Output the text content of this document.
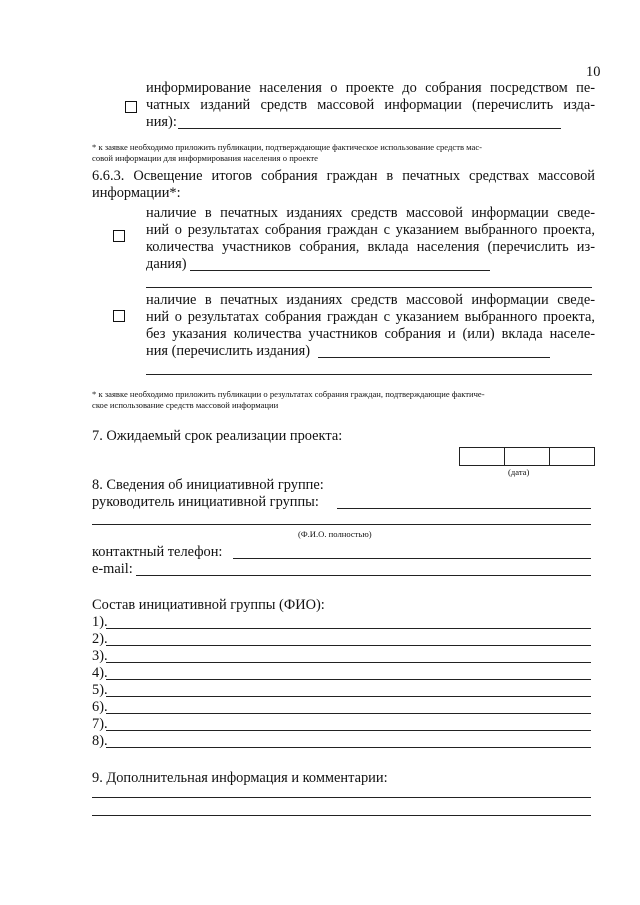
10
информирование населения о проекте до собрания посредством пе-
чатных изданий средств массовой информации (перечислить изда-
ния):
* к заявке необходимо приложить публикации, подтверждающие фактическое использование средств мас-
совой информации для информирования населения о проекте
6.6.3. Освещение итогов собрания граждан в печатных средствах массовой
информации*:
наличие в печатных изданиях средств массовой информации сведе-
ний о результатах собрания граждан с указанием выбранного проекта,
количества участников собрания, вклада населения (перечислить из-
дания)
наличие в печатных изданиях средств массовой информации сведе-
ний о результатах собрания граждан с указанием выбранного проекта,
без указания количества участников собрания и (или) вклада населе-
ния (перечислить издания)
* к заявке необходимо приложить публикации о результатах собрания граждан, подтверждающие фактиче-
ское использование средств массовой информации
7. Ожидаемый срок реализации проекта:
(дата)
8. Сведения об инициативной группе:
руководитель инициативной группы:
(Ф.И.О. полностью)
контактный телефон:
e-mail:
Состав инициативной группы (ФИО):
1).
2).
3).
4).
5).
6).
7).
8).
9. Дополнительная информация и комментарии:
